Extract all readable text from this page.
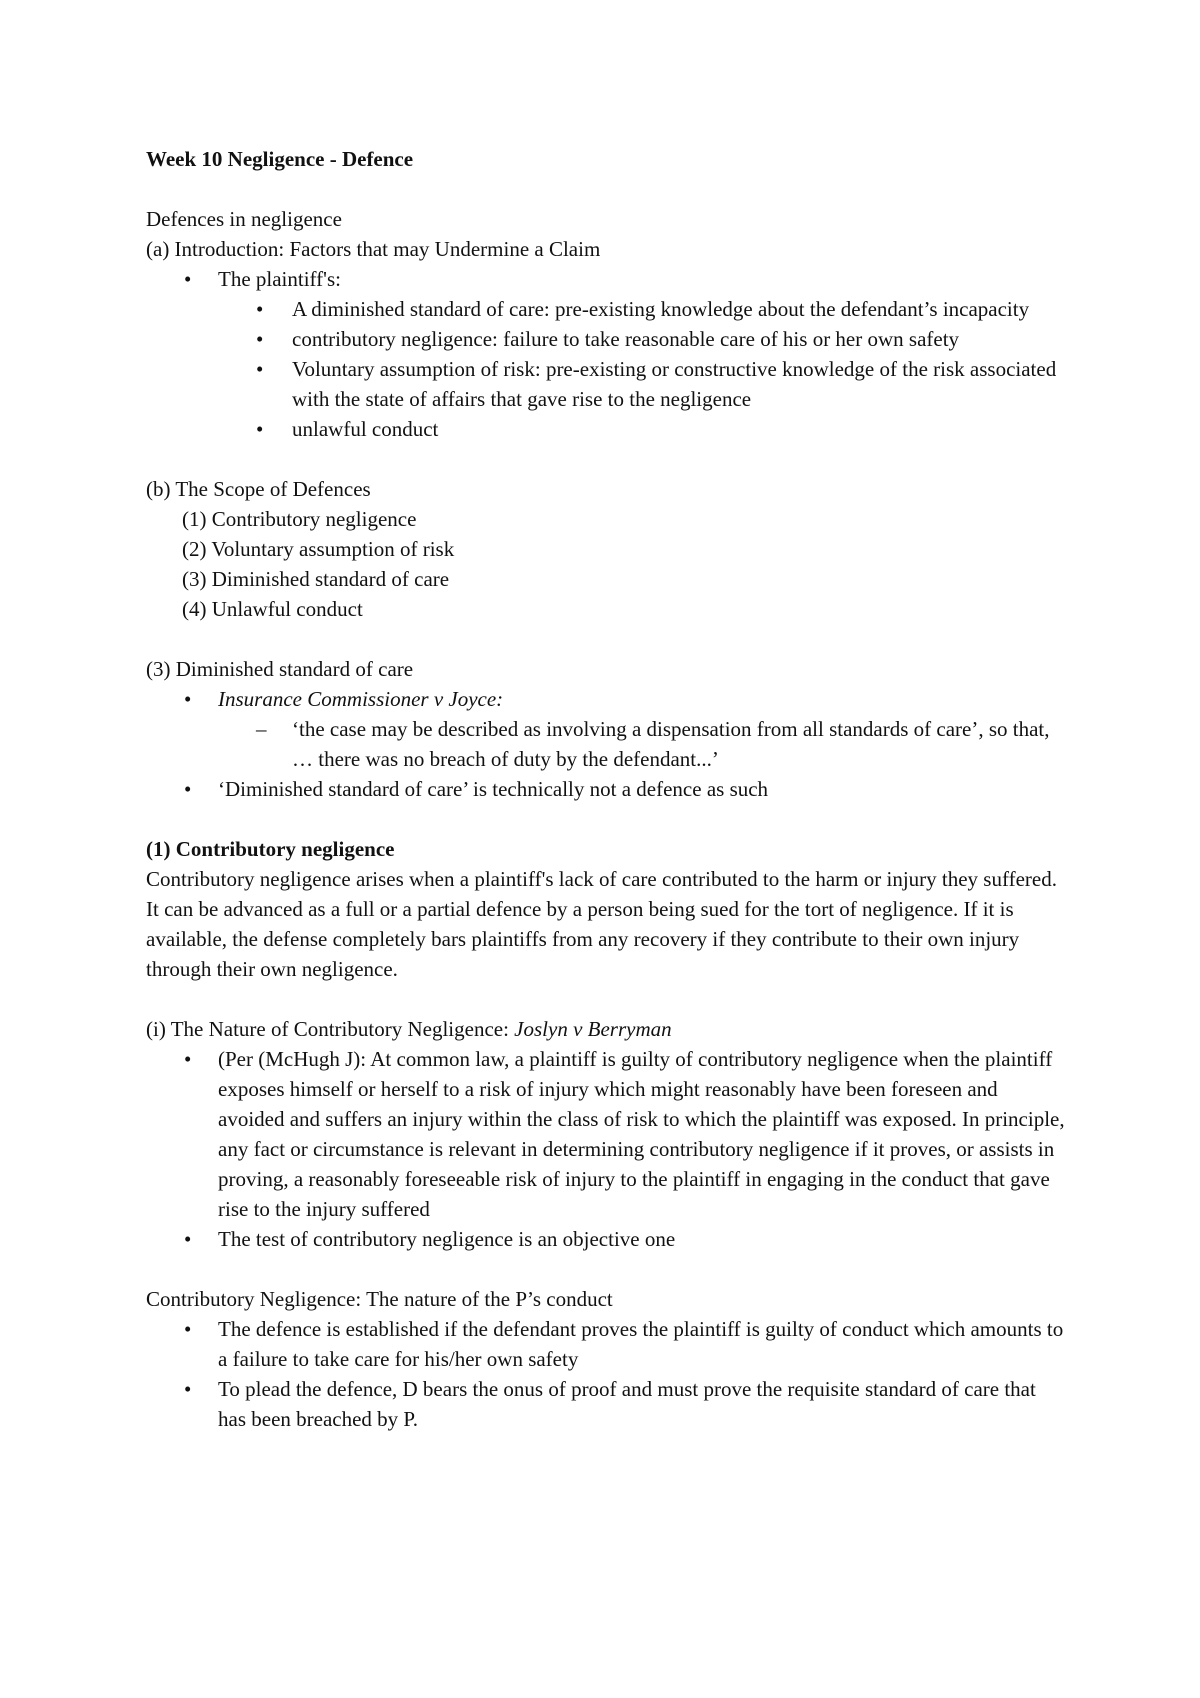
Week 10 Negligence - Defence
Defences in negligence
(a) Introduction: Factors that may Undermine a Claim
• The plaintiff's:
• A diminished standard of care: pre-existing knowledge about the defendant’s incapacity
• contributory negligence: failure to take reasonable care of his or her own safety
• Voluntary assumption of risk: pre-existing or constructive knowledge of the risk associated with the state of affairs that gave rise to the negligence
• unlawful conduct
(b) The Scope of Defences
(1) Contributory negligence
(2) Voluntary assumption of risk
(3) Diminished standard of care
(4) Unlawful conduct
(3) Diminished standard of care
• Insurance Commissioner v Joyce:
– ‘the case may be described as involving a dispensation from all standards of care’, so that, … there was no breach of duty by the defendant...’
• ‘Diminished standard of care’ is technically not a defence as such
(1) Contributory negligence
Contributory negligence arises when a plaintiff's lack of care contributed to the harm or injury they suffered. It can be advanced as a full or a partial defence by a person being sued for the tort of negligence. If it is available, the defense completely bars plaintiffs from any recovery if they contribute to their own injury through their own negligence.
(i) The Nature of Contributory Negligence: Joslyn v Berryman
• (Per (McHugh J): At common law, a plaintiff is guilty of contributory negligence when the plaintiff exposes himself or herself to a risk of injury which might reasonably have been foreseen and avoided and suffers an injury within the class of risk to which the plaintiff was exposed. In principle, any fact or circumstance is relevant in determining contributory negligence if it proves, or assists in proving, a reasonably foreseeable risk of injury to the plaintiff in engaging in the conduct that gave rise to the injury suffered
• The test of contributory negligence is an objective one
Contributory Negligence: The nature of the P’s conduct
• The defence is established if the defendant proves the plaintiff is guilty of conduct which amounts to a failure to take care for his/her own safety
• To plead the defence, D bears the onus of proof and must prove the requisite standard of care that has been breached by P.
